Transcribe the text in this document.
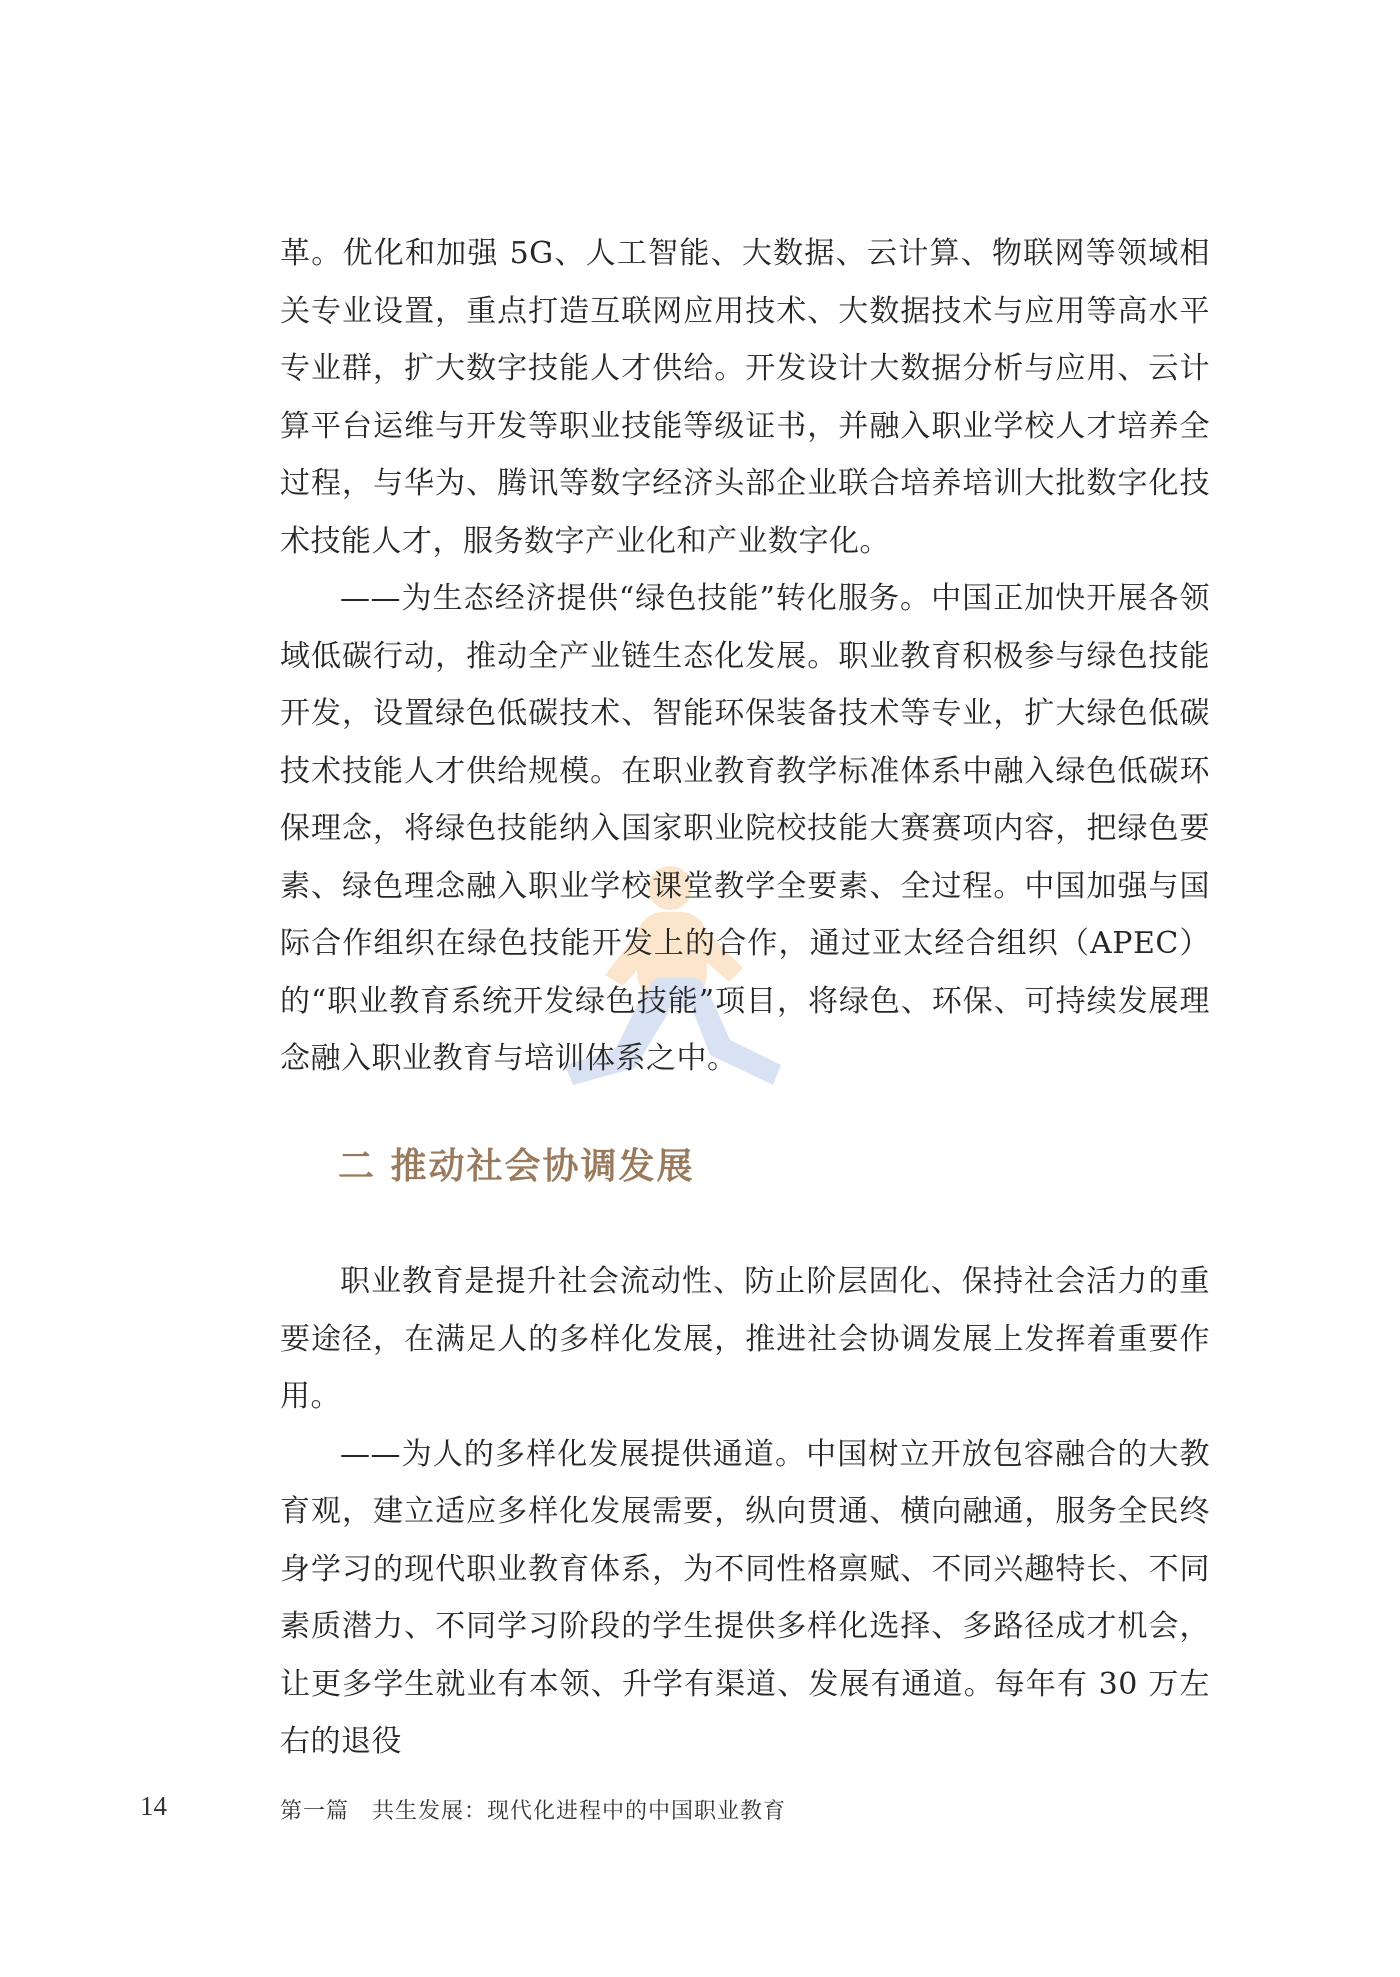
革。优化和加强 5G、人工智能、大数据、云计算、物联网等领域相关专业设置，重点打造互联网应用技术、大数据技术与应用等高水平专业群，扩大数字技能人才供给。开发设计大数据分析与应用、云计算平台运维与开发等职业技能等级证书，并融入职业学校人才培养全过程，与华为、腾讯等数字经济头部企业联合培养培训大批数字化技术技能人才，服务数字产业化和产业数字化。

——为生态经济提供“绿色技能”转化服务。中国正加快开展各领域低碳行动，推动全产业链生态化发展。职业教育积极参与绿色技能开发，设置绿色低碳技术、智能环保装备技术等专业，扩大绿色低碳技术技能人才供给规模。在职业教育教学标准体系中融入绿色低碳环保理念，将绿色技能纳入国家职业院校技能大赛赛项内容，把绿色要素、绿色理念融入职业学校课堂教学全要素、全过程。中国加强与国际合作组织在绿色技能开发上的合作，通过亚太经合组织（APEC）的“职业教育系统开发绿色技能”项目，将绿色、环保、可持续发展理念融入职业教育与培训体系之中。

二 推动社会协调发展

职业教育是提升社会流动性、防止阶层固化、保持社会活力的重要途径，在满足人的多样化发展，推进社会协调发展上发挥着重要作用。

——为人的多样化发展提供通道。中国树立开放包容融合的大教育观，建立适应多样化发展需要，纵向贯通、横向融通，服务全民终身学习的现代职业教育体系，为不同性格禀赋、不同兴趣特长、不同素质潜力、不同学习阶段的学生提供多样化选择、多路径成才机会，让更多学生就业有本领、升学有渠道、发展有通道。每年有 30 万左右的退役

14	第一篇　共生发展：现代化进程中的中国职业教育
